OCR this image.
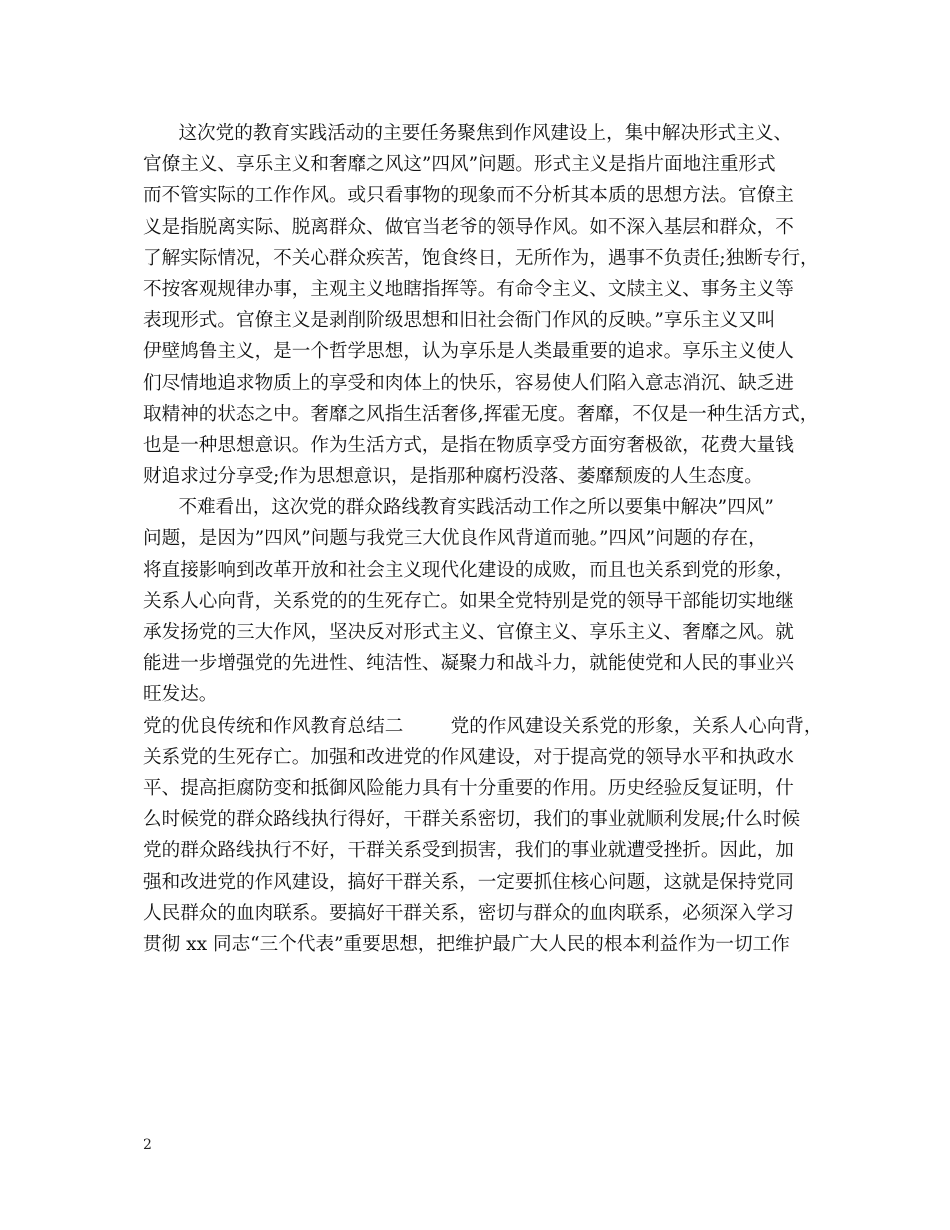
这次党的教育实践活动的主要任务聚焦到作风建设上，集中解决形式主义、
官僚主义、享乐主义和奢靡之风这”四风”问题。形式主义是指片面地注重形式
而不管实际的工作作风。或只看事物的现象而不分析其本质的思想方法。官僚主
义是指脱离实际、脱离群众、做官当老爷的领导作风。如不深入基层和群众，不
了解实际情况，不关心群众疾苦，饱食终日，无所作为，遇事不负责任;独断专行，
不按客观规律办事，主观主义地瞎指挥等。有命令主义、文牍主义、事务主义等
表现形式。官僚主义是剥削阶级思想和旧社会衙门作风的反映。”享乐主义又叫
伊壁鸠鲁主义，是一个哲学思想，认为享乐是人类最重要的追求。享乐主义使人
们尽情地追求物质上的享受和肉体上的快乐，容易使人们陷入意志消沉、缺乏进
取精神的状态之中。奢靡之风指生活奢侈,挥霍无度。奢靡，不仅是一种生活方式，
也是一种思想意识。作为生活方式，是指在物质享受方面穷奢极欲，花费大量钱
财追求过分享受;作为思想意识，是指那种腐朽没落、萎靡颓废的人生态度。
不难看出，这次党的群众路线教育实践活动工作之所以要集中解决”四风”
问题，是因为”四风”问题与我党三大优良作风背道而驰。”四风”问题的存在，
将直接影响到改革开放和社会主义现代化建设的成败，而且也关系到党的形象，
关系人心向背，关系党的的生死存亡。如果全党特别是党的领导干部能切实地继
承发扬党的三大作风，坚决反对形式主义、官僚主义、享乐主义、奢靡之风。就
能进一步增强党的先进性、纯洁性、凝聚力和战斗力，就能使党和人民的事业兴
旺发达。
党的优良传统和作风教育总结二        党的作风建设关系党的形象，关系人心向背，
关系党的生死存亡。加强和改进党的作风建设，对于提高党的领导水平和执政水
平、提高拒腐防变和抵御风险能力具有十分重要的作用。历史经验反复证明，什
么时候党的群众路线执行得好，干群关系密切，我们的事业就顺利发展;什么时候
党的群众路线执行不好，干群关系受到损害，我们的事业就遭受挫折。因此，加
强和改进党的作风建设，搞好干群关系，一定要抓住核心问题，这就是保持党同
人民群众的血肉联系。要搞好干群关系，密切与群众的血肉联系，必须深入学习
贯彻 xx 同志“三个代表”重要思想，把维护最广大人民的根本利益作为一切工作
2
